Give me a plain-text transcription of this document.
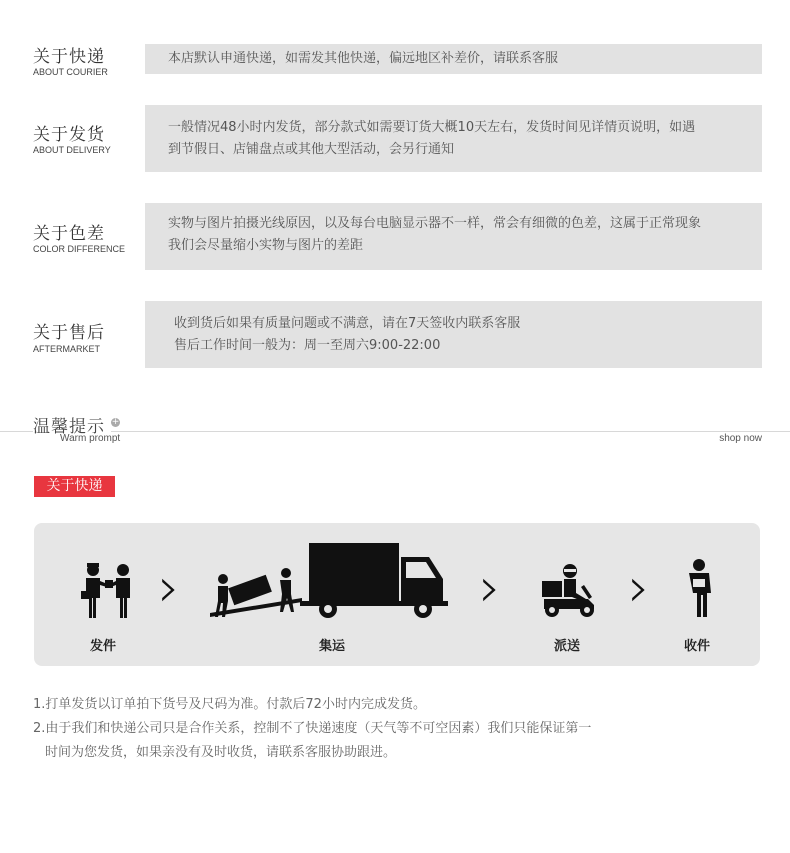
关于快递
ABOUT COURIER
本店默认申通快递，如需发其他快递，偏远地区补差价，请联系客服
关于发货
ABOUT DELIVERY
一般情况48小时内发货，部分款式如需要订货大概10天左右，发货时间见详情页说明，如遇
到节假日、店铺盘点或其他大型活动，会另行通知
关于色差
COLOR DIFFERENCE
实物与图片拍摄光线原因，以及每台电脑显示器不一样，常会有细微的色差，这属于正常现象
我们会尽量缩小实物与图片的差距
关于售后
AFTERMARKET
收到货后如果有质量问题或不满意，请在7天签收内联系客服
售后工作时间一般为：周一至周六9:00-22:00
温馨提示 +
Warm prompt	shop now
关于快递
›	› ›
发件	集运	派送	收件
1.打单发货以订单拍下货号及尺码为准。付款后72小时内完成发货。
2.由于我们和快递公司只是合作关系，控制不了快递速度（天气等不可空因素）我们只能保证第一
时间为您发货，如果亲没有及时收货，请联系客服协助跟进。
